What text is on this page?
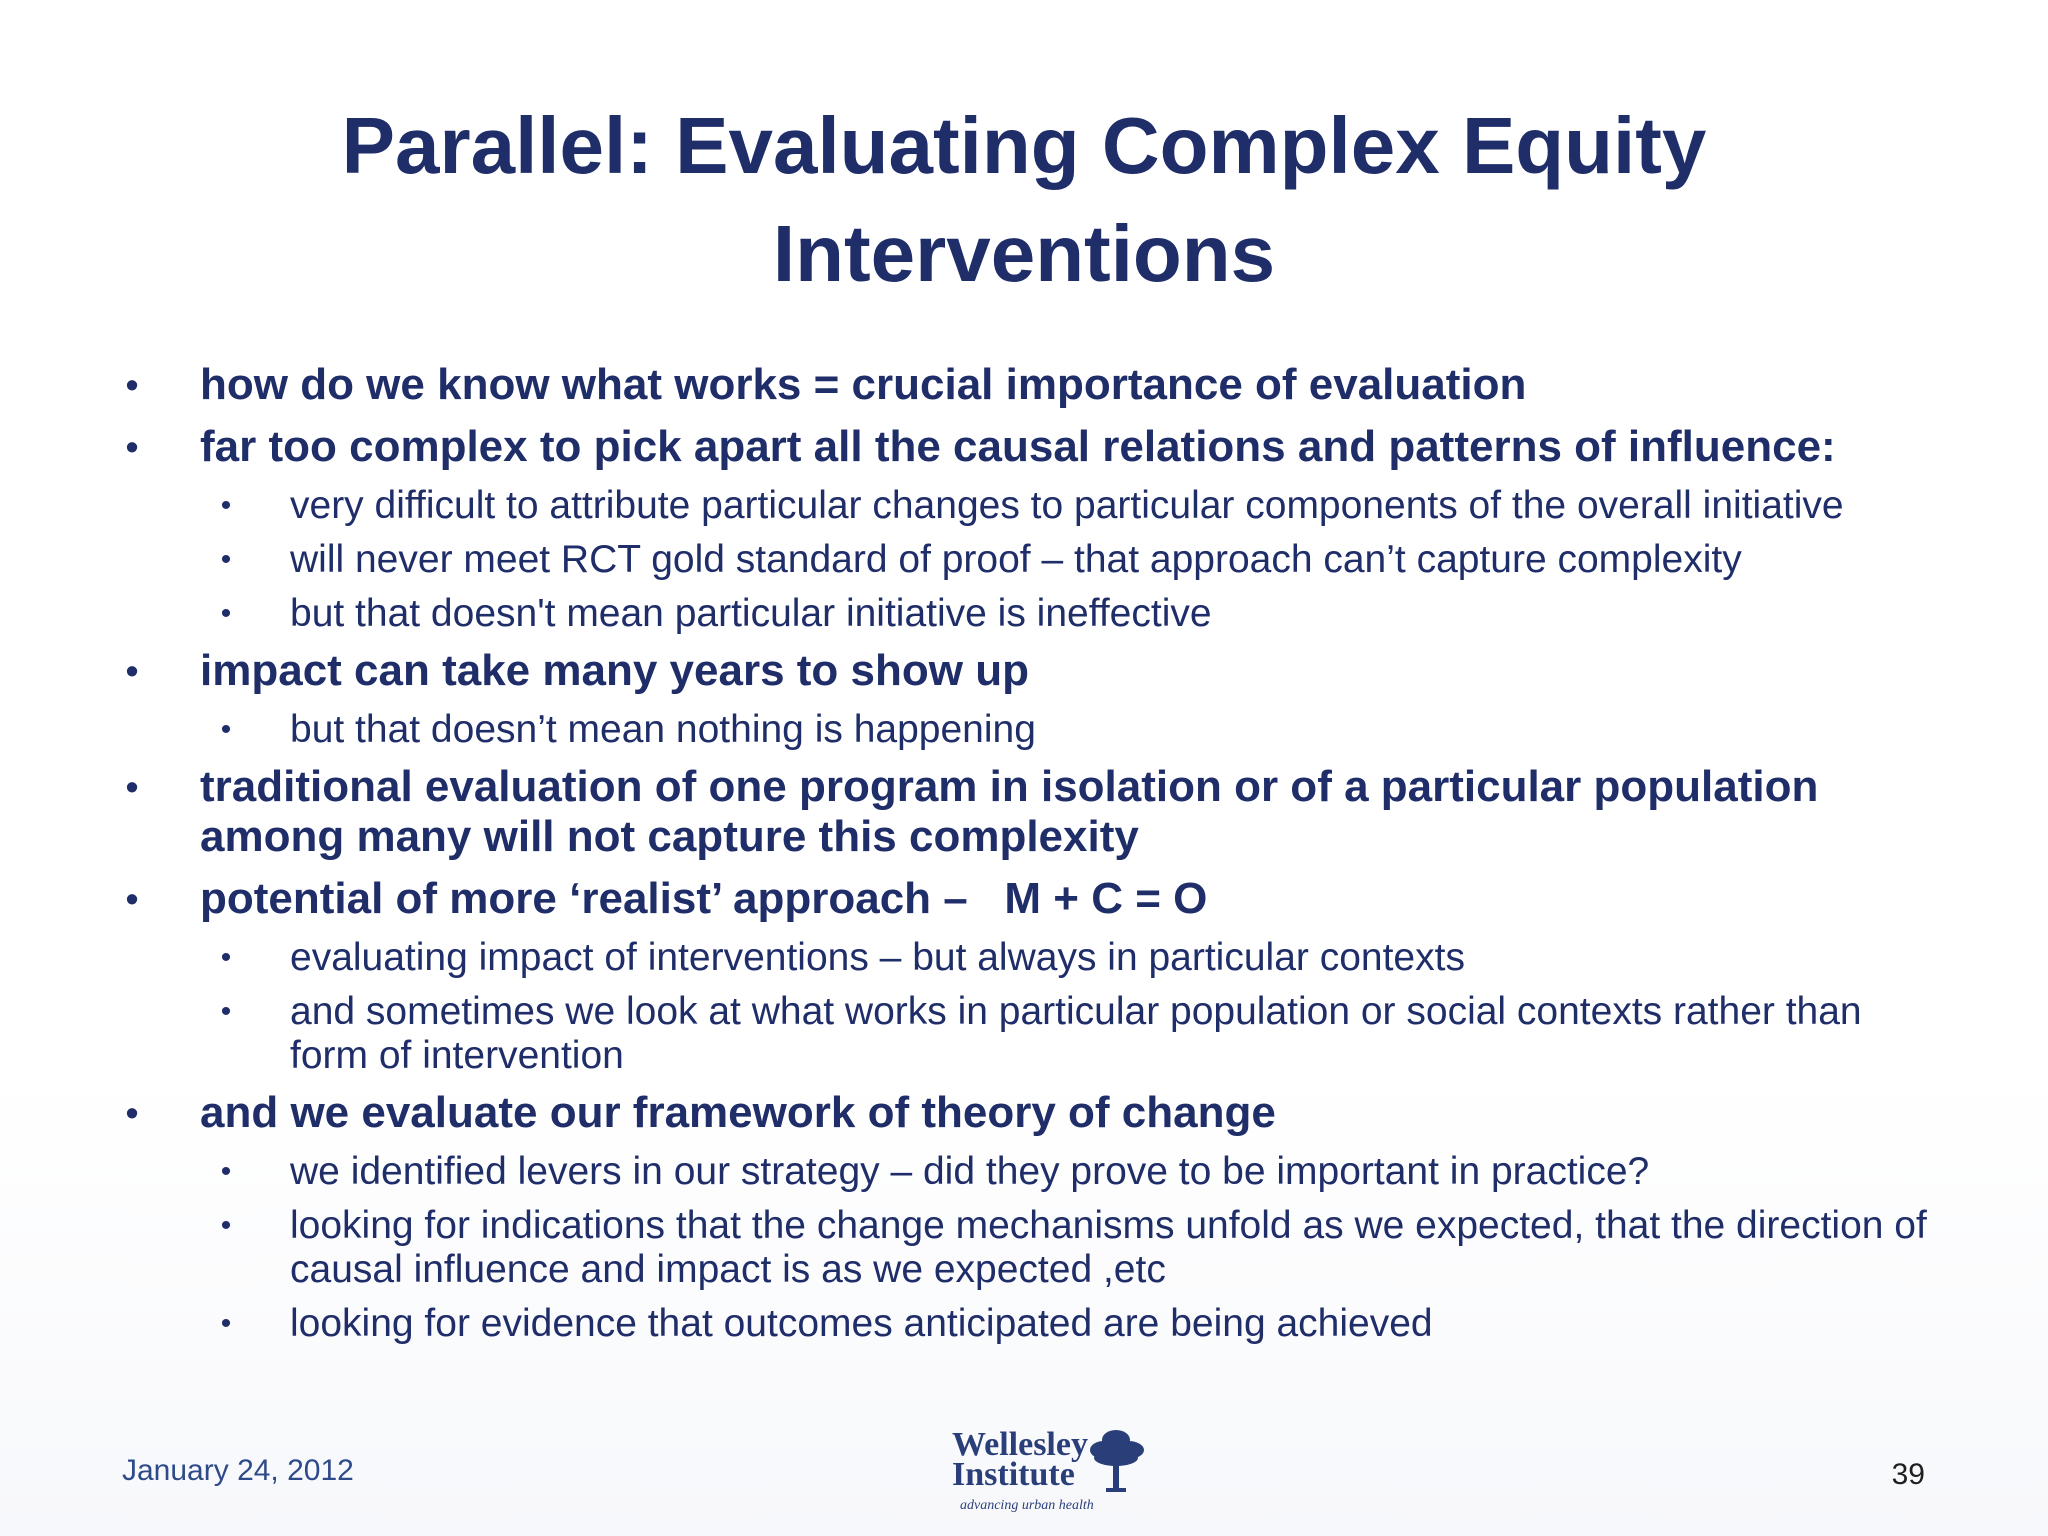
Parallel: Evaluating Complex Equity
Interventions
• how do we know what works = crucial importance of evaluation
• far too complex to pick apart all the causal relations and patterns of influence:
• very difficult to attribute particular changes to particular components of the overall initiative
• will never meet RCT gold standard of proof – that approach can’t capture complexity
• but that doesn't mean particular initiative is ineffective
• impact can take many years to show up
• but that doesn’t mean nothing is happening
• traditional evaluation of one program in isolation or of a particular population among many will not capture this complexity
• potential of more ‘realist’ approach –   M + C = O
• evaluating impact of interventions – but always in particular contexts
• and sometimes we look at what works in particular population or social contexts rather than form of intervention
• and we evaluate our framework of theory of change
• we identified levers in our strategy – did they prove to be important in practice?
• looking for indications that the change mechanisms unfold as we expected, that the direction of causal influence and impact is as we expected ,etc
• looking for evidence that outcomes anticipated are being achieved
January 24, 2012
Wellesley
Institute
advancing urban health
39
